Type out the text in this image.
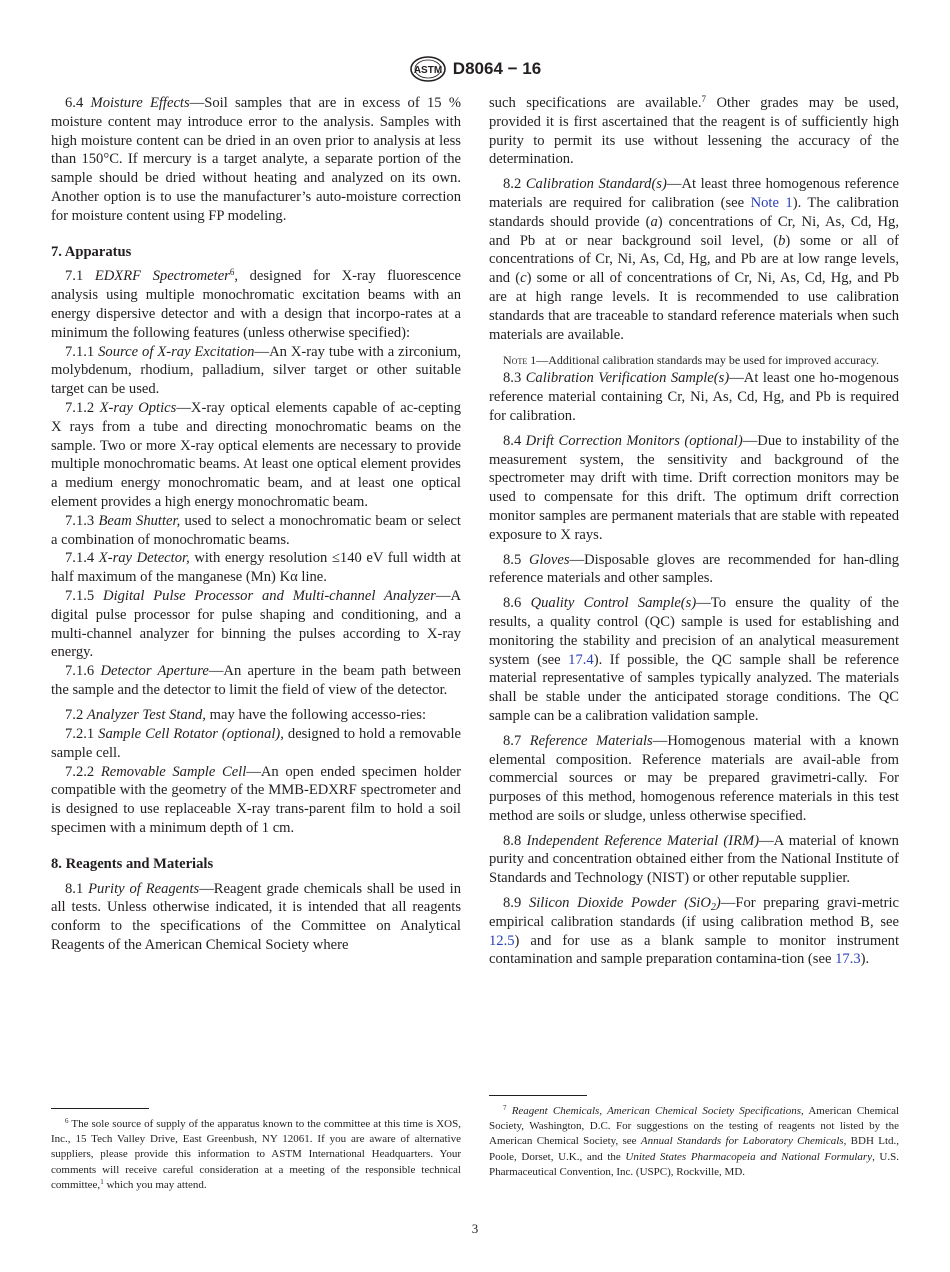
ASTM D8064 − 16

6.4 Moisture Effects—Soil samples that are in excess of 15 % moisture content may introduce error to the analysis. Samples with high moisture content can be dried in an oven prior to analysis at less than 150°C. If mercury is a target analyte, a separate portion of the sample should be dried without heating and analyzed on its own. Another option is to use the manufacturer’s auto-moisture correction for moisture content using FP modeling.

7. Apparatus

7.1 EDXRF Spectrometer$^6$, designed for X-ray fluorescence analysis using multiple monochromatic excitation beams with an energy dispersive detector and with a design that incorpo-rates at a minimum the following features (unless otherwise specified):

7.1.1 Source of X-ray Excitation—An X-ray tube with a zirconium, molybdenum, rhodium, palladium, silver target or other suitable target can be used.

7.1.2 X-ray Optics—X-ray optical elements capable of ac-cepting X rays from a tube and directing monochromatic beams on the sample. Two or more X-ray optical elements are necessary to provide multiple monochromatic beams. At least one optical element provides a medium energy monochromatic beam, and at least one optical element provides a high energy monochromatic beam.

7.1.3 Beam Shutter, used to select a monochromatic beam or select a combination of monochromatic beams.

7.1.4 X-ray Detector, with energy resolution ≤140 eV full width at half maximum of the manganese (Mn) Kα line.

7.1.5 Digital Pulse Processor and Multi-channel Analyzer—A digital pulse processor for pulse shaping and conditioning, and a multi-channel analyzer for binning the pulses according to X-ray energy.

7.1.6 Detector Aperture—An aperture in the beam path between the sample and the detector to limit the field of view of the detector.

7.2 Analyzer Test Stand, may have the following accesso-ries:

7.2.1 Sample Cell Rotator (optional), designed to hold a removable sample cell.

7.2.2 Removable Sample Cell—An open ended specimen holder compatible with the geometry of the MMB-EDXRF spectrometer and is designed to use replaceable X-ray trans-parent film to hold a soil specimen with a minimum depth of 1 cm.

8. Reagents and Materials

8.1 Purity of Reagents—Reagent grade chemicals shall be used in all tests. Unless otherwise indicated, it is intended that all reagents conform to the specifications of the Committee on Analytical Reagents of the American Chemical Society where

such specifications are available.$^7$ Other grades may be used, provided it is first ascertained that the reagent is of sufficiently high purity to permit its use without lessening the accuracy of the determination.

8.2 Calibration Standard(s)—At least three homogenous reference materials are required for calibration (see Note 1). The calibration standards should provide (a) concentrations of Cr, Ni, As, Cd, Hg, and Pb at or near background soil level, (b) some or all of concentrations of Cr, Ni, As, Cd, Hg, and Pb are at low range levels, and (c) some or all of concentrations of Cr, Ni, As, Cd, Hg, and Pb are at high range levels. It is recommended to use calibration standards that are traceable to standard reference materials when such materials are available.

Note 1—Additional calibration standards may be used for improved accuracy.

8.3 Calibration Verification Sample(s)—At least one ho-mogenous reference material containing Cr, Ni, As, Cd, Hg, and Pb is required for calibration.

8.4 Drift Correction Monitors (optional)—Due to instability of the measurement system, the sensitivity and background of the spectrometer may drift with time. Drift correction monitors may be used to compensate for this drift. The optimum drift correction monitor samples are permanent materials that are stable with repeated exposure to X rays.

8.5 Gloves—Disposable gloves are recommended for han-dling reference materials and other samples.

8.6 Quality Control Sample(s)—To ensure the quality of the results, a quality control (QC) sample is used for establishing and monitoring the stability and precision of an analytical measurement system (see 17.4). If possible, the QC sample shall be reference material representative of samples typically analyzed. The materials shall be stable under the anticipated storage conditions. The QC sample can be a calibration validation sample.

8.7 Reference Materials—Homogenous material with a known elemental composition. Reference materials are avail-able from commercial sources or may be prepared gravimetri-cally. For purposes of this method, homogenous reference materials in this test method are soils or sludge, unless otherwise specified.

8.8 Independent Reference Material (IRM)—A material of known purity and concentration obtained either from the National Institute of Standards and Technology (NIST) or other reputable supplier.

8.9 Silicon Dioxide Powder (SiO$_2$)—For preparing gravi-metric empirical calibration standards (if using calibration method B, see 12.5) and for use as a blank sample to monitor instrument contamination and sample preparation contamina-tion (see 17.3).

$^6$ The sole source of supply of the apparatus known to the committee at this time is XOS, Inc., 15 Tech Valley Drive, East Greenbush, NY 12061. If you are aware of alternative suppliers, please provide this information to ASTM International Headquarters. Your comments will receive careful consideration at a meeting of the responsible technical committee,$^1$ which you may attend.
$^7$ Reagent Chemicals, American Chemical Society Specifications, American Chemical Society, Washington, D.C. For suggestions on the testing of reagents not listed by the American Chemical Society, see Annual Standards for Laboratory Chemicals, BDH Ltd., Poole, Dorset, U.K., and the United States Pharmacopeia and National Formulary, U.S. Pharmaceutical Convention, Inc. (USPC), Rockville, MD.
3
